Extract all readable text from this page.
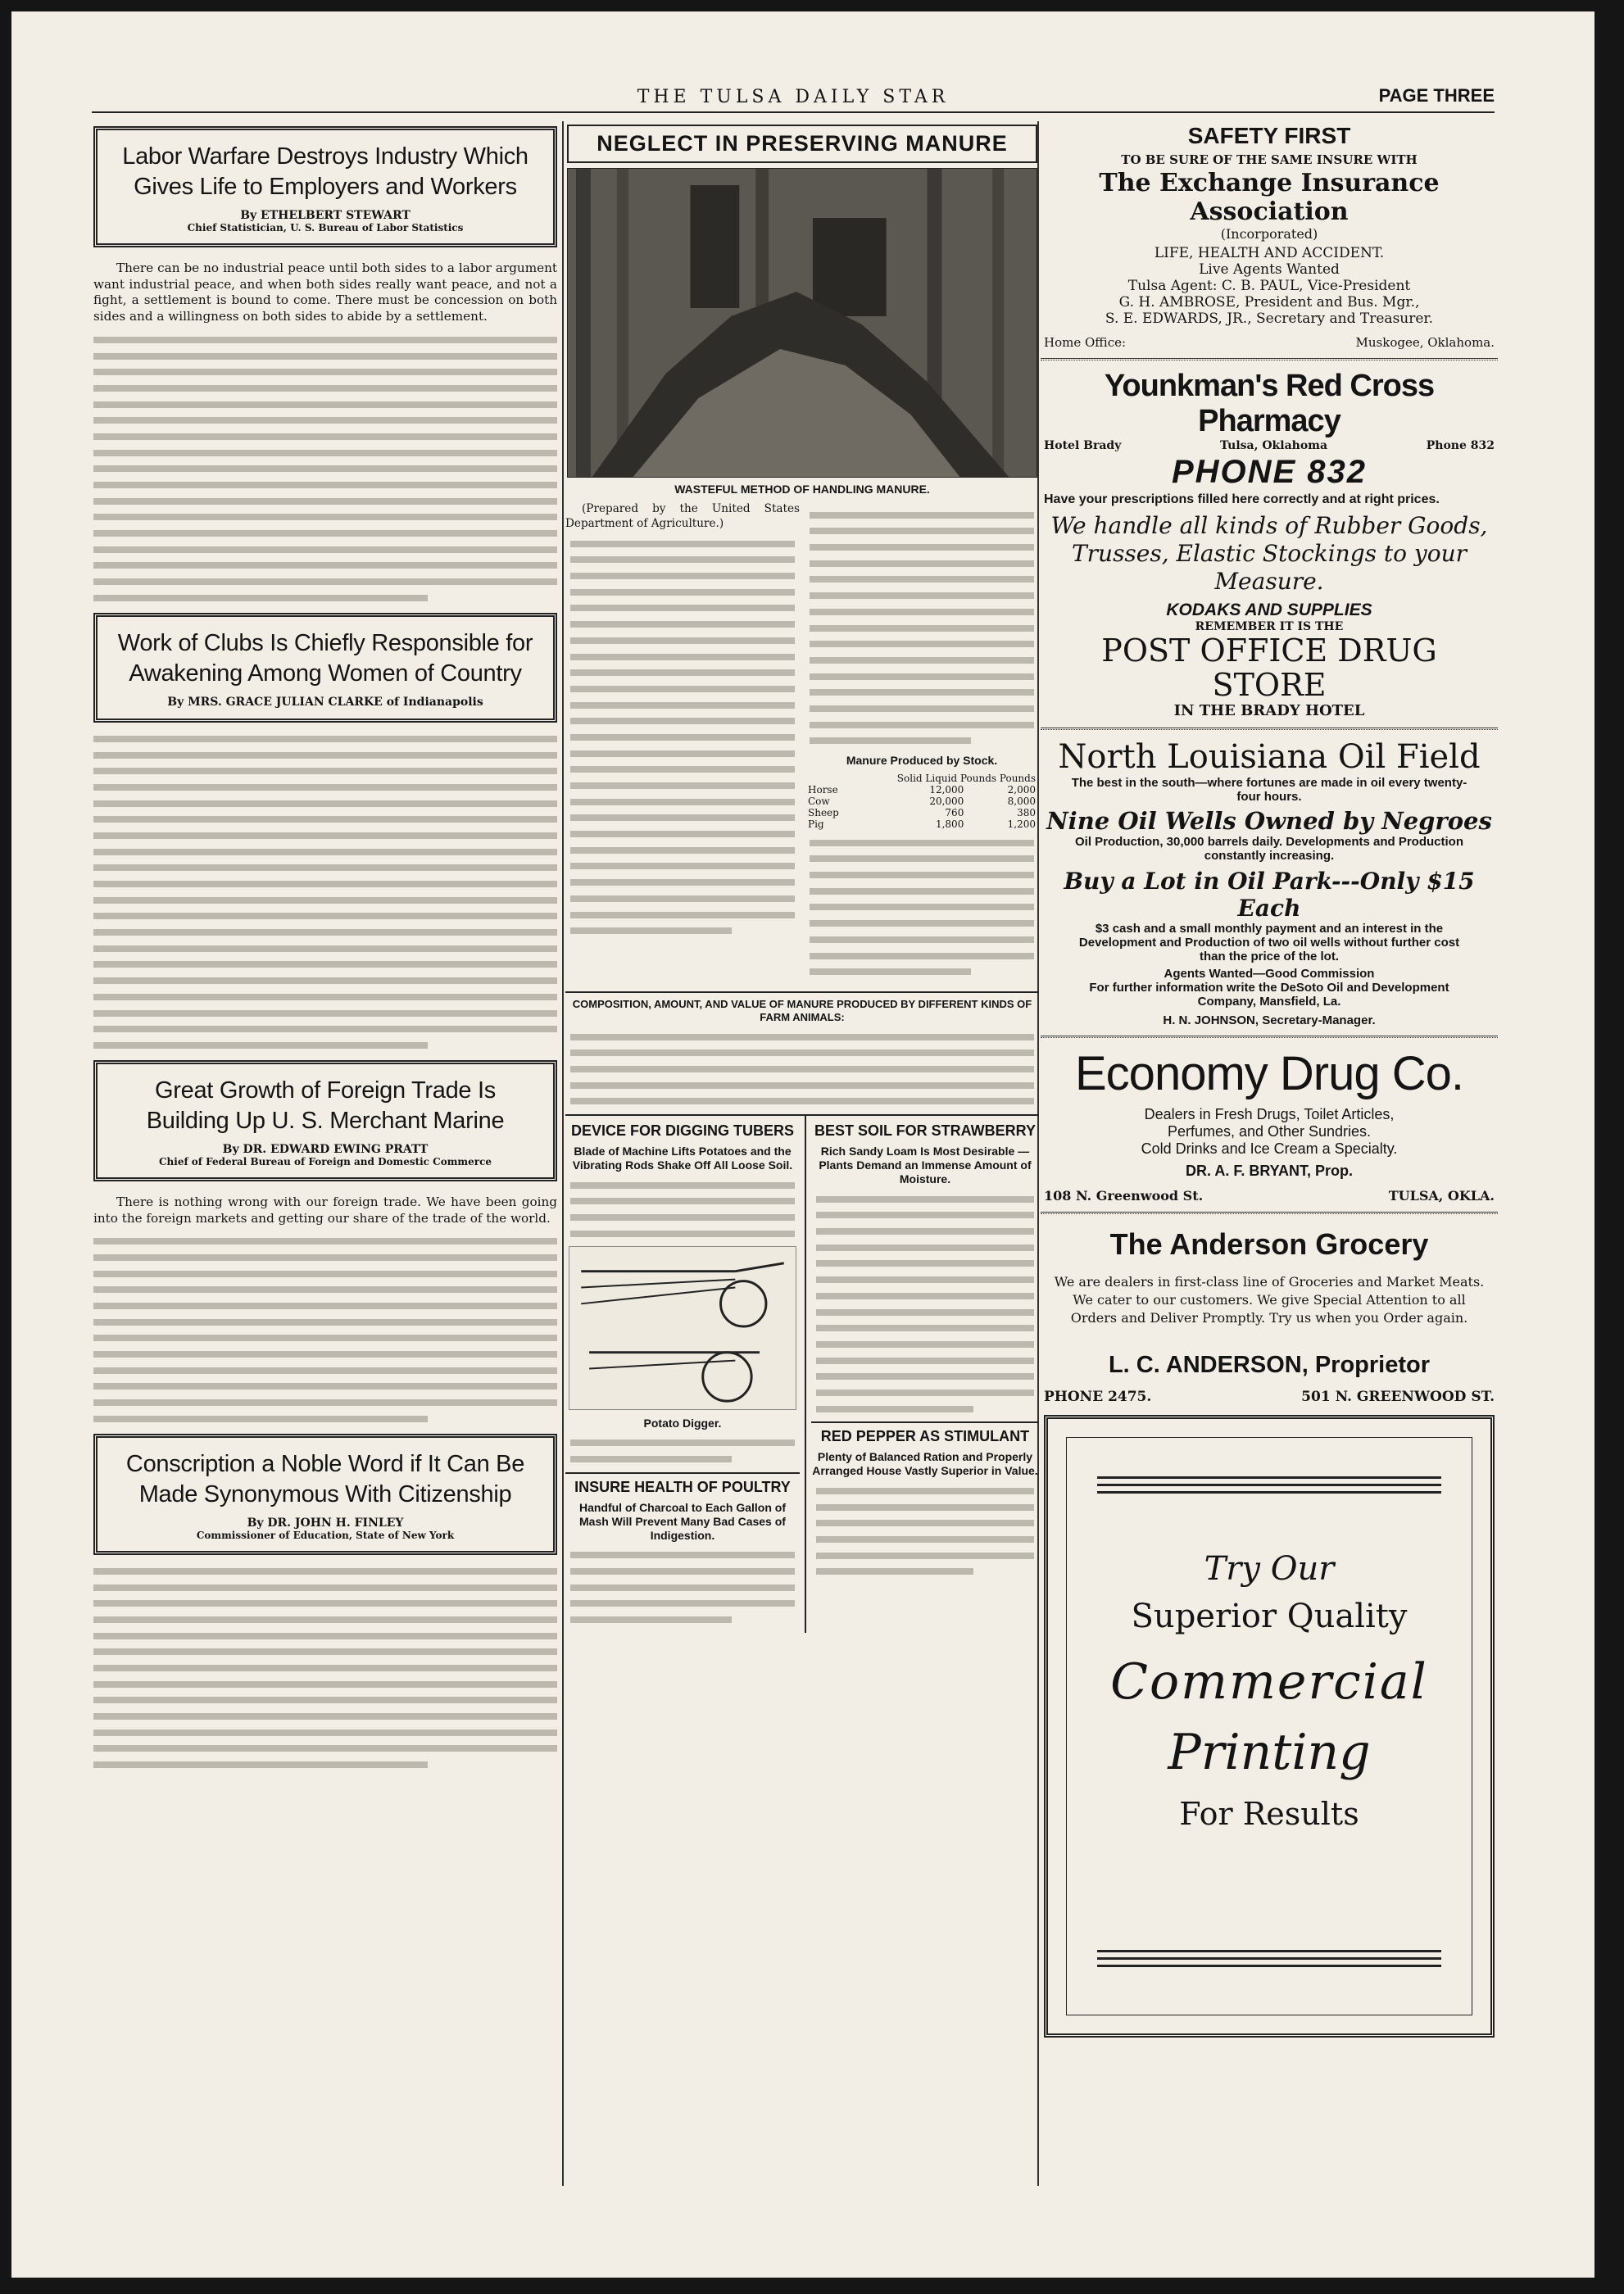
THE TULSA DAILY STAR	PAGE THREE
Labor Warfare Destroys Industry Which Gives Life to Employers and Workers
By ETHELBERT STEWART
Chief Statistician, U. S. Bureau of Labor Statistics

There can be no industrial peace until both sides to a labor argument want industrial peace, and when both sides really want peace, and not a fight, a settlement is bound to come. There must be concession on both sides and a willingness on both sides to abide by a settlement.

Work of Clubs Is Chiefly Responsible for Awakening Among Women of Country
By MRS. GRACE JULIAN CLARKE of Indianapolis
Great Growth of Foreign Trade Is Building Up U. S. Merchant Marine
By DR. EDWARD EWING PRATT
Chief of Federal Bureau of Foreign and Domestic Commerce

There is nothing wrong with our foreign trade. We have been going into the foreign markets and getting our share of the trade of the world.

Conscription a Noble Word if It Can Be Made Synonymous With Citizenship
By DR. JOHN H. FINLEY
Commissioner of Education, State of New York
NEGLECT IN PRESERVING MANURE
WASTEFUL METHOD OF HANDLING MANURE.

(Prepared by the United States Department of Agriculture.)

Manure Produced by Stock.
Solid Liquid Pounds Pounds
Horse	12,000	2,000
Cow	20,000	8,000
Sheep	760	380
Pig	1,800	1,200
COMPOSITION, AMOUNT, AND VALUE OF MANURE PRODUCED BY DIFFERENT KINDS OF FARM ANIMALS:
DEVICE FOR DIGGING TUBERS
Blade of Machine Lifts Potatoes and the Vibrating Rods Shake Off All Loose Soil.
Potato Digger.
INSURE HEALTH OF POULTRY
Handful of Charcoal to Each Gallon of Mash Will Prevent Many Bad Cases of Indigestion.
BEST SOIL FOR STRAWBERRY
Rich Sandy Loam Is Most Desirable —Plants Demand an Immense Amount of Moisture.
RED PEPPER AS STIMULANT
Plenty of Balanced Ration and Properly Arranged House Vastly Superior in Value.
SAFETY FIRST
TO BE SURE OF THE SAME INSURE WITH
The Exchange Insurance Association
(Incorporated)
LIFE, HEALTH AND ACCIDENT.
Live Agents Wanted
Tulsa Agent: C. B. PAUL, Vice-President
G. H. AMBROSE, President and Bus. Mgr.,
S. E. EDWARDS, JR., Secretary and Treasurer.
Home Office:	Muskogee, Oklahoma.
Younkman's Red Cross Pharmacy
Hotel Brady	Tulsa, Oklahoma	Phone 832
PHONE 832
Have your prescriptions filled here correctly and at right prices.
We handle all kinds of Rubber Goods, Trusses, Elastic Stockings to your Measure.
KODAKS AND SUPPLIES
REMEMBER IT IS THE
POST OFFICE DRUG STORE
IN THE BRADY HOTEL
North Louisiana Oil Field
The best in the south—where fortunes are made in oil every twenty-four hours.
Nine Oil Wells Owned by Negroes
Oil Production, 30,000 barrels daily. Developments and Production constantly increasing.
Buy a Lot in Oil Park---Only $15 Each
$3 cash and a small monthly payment and an interest in the Development and Production of two oil wells without further cost than the price of the lot.
Agents Wanted—Good Commission
For further information write the DeSoto Oil and Development Company, Mansfield, La.
H. N. JOHNSON, Secretary-Manager.
Economy Drug Co.
Dealers in Fresh Drugs, Toilet Articles,
Perfumes, and Other Sundries.
Cold Drinks and Ice Cream a Specialty.
DR. A. F. BRYANT, Prop.
108 N. Greenwood St.	TULSA, OKLA.
The Anderson Grocery
We are dealers in first-class line of Groceries and Market Meats. We cater to our customers. We give Special Attention to all Orders and Deliver Promptly. Try us when you Order again.
L. C. ANDERSON, Proprietor
PHONE 2475.	501 N. GREENWOOD ST.
Try Our
Superior Quality
Commercial
Printing
For Results
